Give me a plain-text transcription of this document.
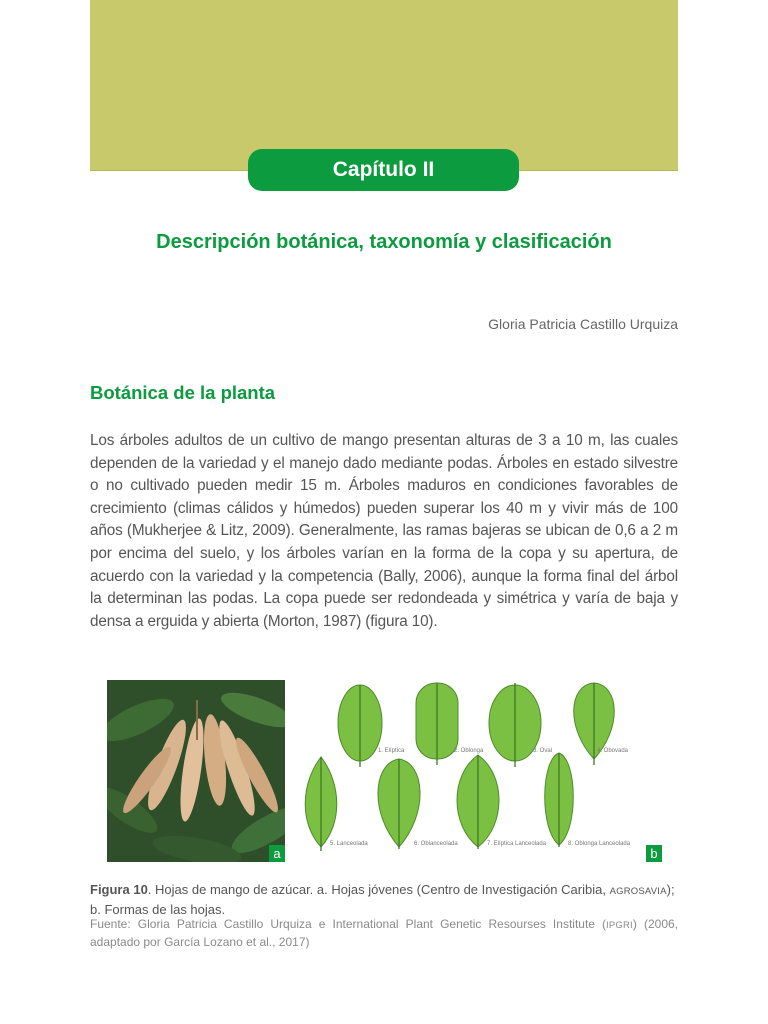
Capítulo II
Descripción botánica, taxonomía y clasificación
Gloria Patricia Castillo Urquiza
Botánica de la planta
Los árboles adultos de un cultivo de mango presentan alturas de 3 a 10 m, las cuales dependen de la variedad y el manejo dado mediante podas. Árboles en estado silvestre o no cultivado pueden medir 15 m. Árboles maduros en condiciones favorables de crecimiento (climas cálidos y húmedos) pueden superar los 40 m y vivir más de 100 años (Mukherjee & Litz, 2009). Generalmente, las ramas bajeras se ubican de 0,6 a 2 m por encima del suelo, y los árboles varían en la forma de la copa y su apertura, de acuerdo con la variedad y la competencia (Bally, 2006), aunque la forma final del árbol la determinan las podas. La copa puede ser redondeada y simétrica y varía de baja y densa a erguida y abierta (Morton, 1987) (figura 10).
a
1. Elíptica	2. Oblonga	3. Oval	4. Obovada
5. Lanceolada	6. Oblanceolada	7. Elíptica Lanceolada	8. Oblonga Lanceolada
b
Figura 10. Hojas de mango de azúcar. a. Hojas jóvenes (Centro de Investigación Caribia, AGROSAVIA); b. Formas de las hojas.
Fuente: Gloria Patricia Castillo Urquiza e International Plant Genetic Resourses Institute (IPGRI) (2006, adaptado por García Lozano et al., 2017)
